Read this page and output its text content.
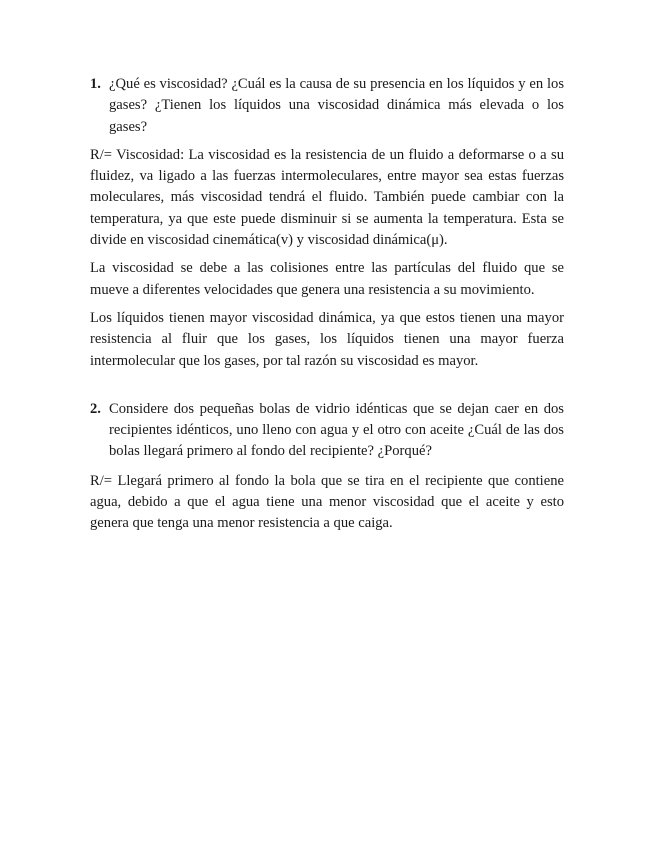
1. ¿Qué es viscosidad? ¿Cuál es la causa de su presencia en los líquidos y en los gases? ¿Tienen los líquidos una viscosidad dinámica más elevada o los gases?

R/= Viscosidad: La viscosidad es la resistencia de un fluido a deformarse o a su fluidez, va ligado a las fuerzas intermoleculares, entre mayor sea estas fuerzas moleculares, más viscosidad tendrá el fluido. También puede cambiar con la temperatura, ya que este puede disminuir si se aumenta la temperatura. Esta se divide en viscosidad cinemática(v) y viscosidad dinámica(μ).

La viscosidad se debe a las colisiones entre las partículas del fluido que se mueve a diferentes velocidades que genera una resistencia a su movimiento.

Los líquidos tienen mayor viscosidad dinámica, ya que estos tienen una mayor resistencia al fluir que los gases, los líquidos tienen una mayor fuerza intermolecular que los gases, por tal razón su viscosidad es mayor.

2. Considere dos pequeñas bolas de vidrio idénticas que se dejan caer en dos recipientes idénticos, uno lleno con agua y el otro con aceite ¿Cuál de las dos bolas llegará primero al fondo del recipiente? ¿Porqué?

R/= Llegará primero al fondo la bola que se tira en el recipiente que contiene agua, debido a que el agua tiene una menor viscosidad que el aceite y esto genera que tenga una menor resistencia a que caiga.
